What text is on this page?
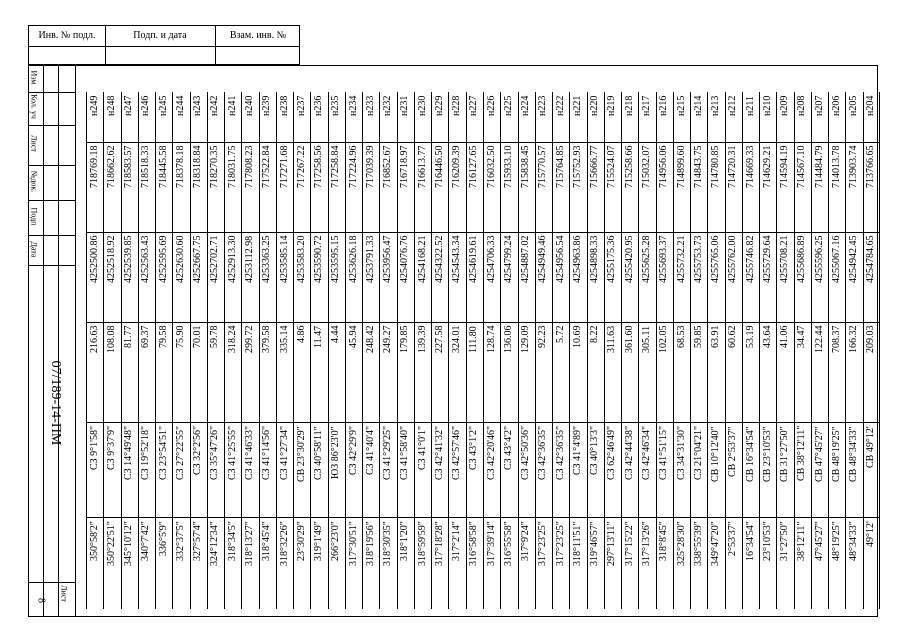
Инв. № подл.	Подп. и дата	Взам. инв. №
Изм
Кол. уч
Лист
№док.
Подп
Дата
07/189-14-ПМ
Лист
8
н204
713766.65
4254784.65
209.03
СВ 49°12'
49°12'
н205
713903.74
4254942.45
166.32
СВ 48°34'33"
48°34'33"
н206
714013.78
4255067.16
708.37
СВ 48°19'25"
48°19'25"
н207
714484.79
4255596.25
122.44
СВ 47°45'27"
47°45'27"
н208
714567.10
4255686.89
34.47
СВ 38°12'11"
38°12'11"
н209
714594.19
4255708.21
41.06
СВ 31°27'50"
31°27'50"
н210
714629.21
4255729.64
43.64
СВ 23°10'53"
23°10'53"
н211
714669.33
4255746.82
53.19
СВ 16°34'54"
16°34'54"
н212
714720.31
4255762.00
60.62
СВ 2°53'37"
2°53'37"
н213
714780.85
4255765.06
63.91
СВ 10°12'40"
349°47'20"
н214
714843.75
4255753.73
59.85
СЗ 21°04'21"
338°55'39"
н215
714899.60
4255732.21
68.53
СЗ 34°31'30"
325°28'30"
н216
714956.06
4255693.37
102.05
СЗ 41°51'15"
318°8'45"
н217
715032.07
4255625.28
305.11
СЗ 42°46'34"
317°13'26"
н218
715258.66
4255420.95
361.60
СЗ 42°44'38"
317°15'22"
н219
715524.07
4255175.36
311.63
СЗ 62°46'49"
297°13'11"
н220
715666.77
4254898.33
8.22
СЗ 40°13'3"
319°46'57"
н221
715752.93
4254963.86
10.69
СЗ 41°4'89"
318°11'51"
н222
715764.85
4254956.54
5.72
СЗ 42°36'35"
317°23'25"
н223
715770.57
4254949.46
92.23
СЗ 42°36'35"
317°23'25"
н224
715838.45
4254887.02
129.09
СЗ 42°50'36"
317°9'24"
н225
715933.10
4254799.24
136.06
СЗ 43°4'2"
316°55'58"
н226
716032.50
4254706.33
128.74
СЗ 42°20'46"
317°39'14"
н227
716127.65
4254619.61
111.80
СЗ 43°1'2"
316°58'58"
н228
716209.39
4254543.34
324.01
СЗ 42°57'46"
317°2'14"
н229
716446.50
4254322.52
227.58
СЗ 42°41'32"
317°18'28"
н230
716613.77
4254168.21
139.39
СЗ 41°0'1"
318°59'59"
н231
716718.97
4254076.76
179.85
СЗ 41°58'40"
318°1'20"
н232
716852.67
4253956.47
249.27
СЗ 41°29'25"
318°30'35"
н233
717039.39
4253791.33
248.42
СЗ 41°40'4"
318°19'56"
н234
717224.96
4253626.18
45.94
СЗ 42°29'9"
317°30'51"
н235
717258.84
4253595.15
4.44
ЮЗ 86°23'0"
266°23'0"
н236
717258.56
4253590.72
11.47
СЗ 40°58'11"
319°1'49"
н237
717267.22
4253583.20
4.86
СВ 23°30'29"
23°30'29"
н238
717271.68
4253585.14
335.14
СЗ 41°27'34"
318°32'26"
н239
717522.84
4253363.25
379.58
СЗ 41°14'56"
318°45'4"
н240
717808.23
4253112.98
299.72
СЗ 41°46'33"
318°13'27"
н241
718031.75
4252913.30
318.24
СЗ 41°25'55"
318°34'5"
н242
718270.35
4252702.71
59.78
СЗ 35°47'26"
324°12'34"
н243
718318.84
4252667.75
70.01
СЗ 32°2'56"
327°57'4"
н244
718378.18
4252630.60
75.90
СЗ 27°22'55"
332°37'5"
н245
718445.58
4252595.69
79.58
СЗ 23°54'51"
336°5'9"
н246
718518.33
4252563.43
69.37
СЗ 19°52'18"
340°7'42"
н247
718583.57
4252539.85
81.77
СЗ 14°49'48"
345°10'12"
н248
718662.62
4252518.92
108.08
СЗ 9°37'9"
350°22'51"
н249
718769.18
4252500.86
216.63
СЗ 9°1'58"
350°58'2"
